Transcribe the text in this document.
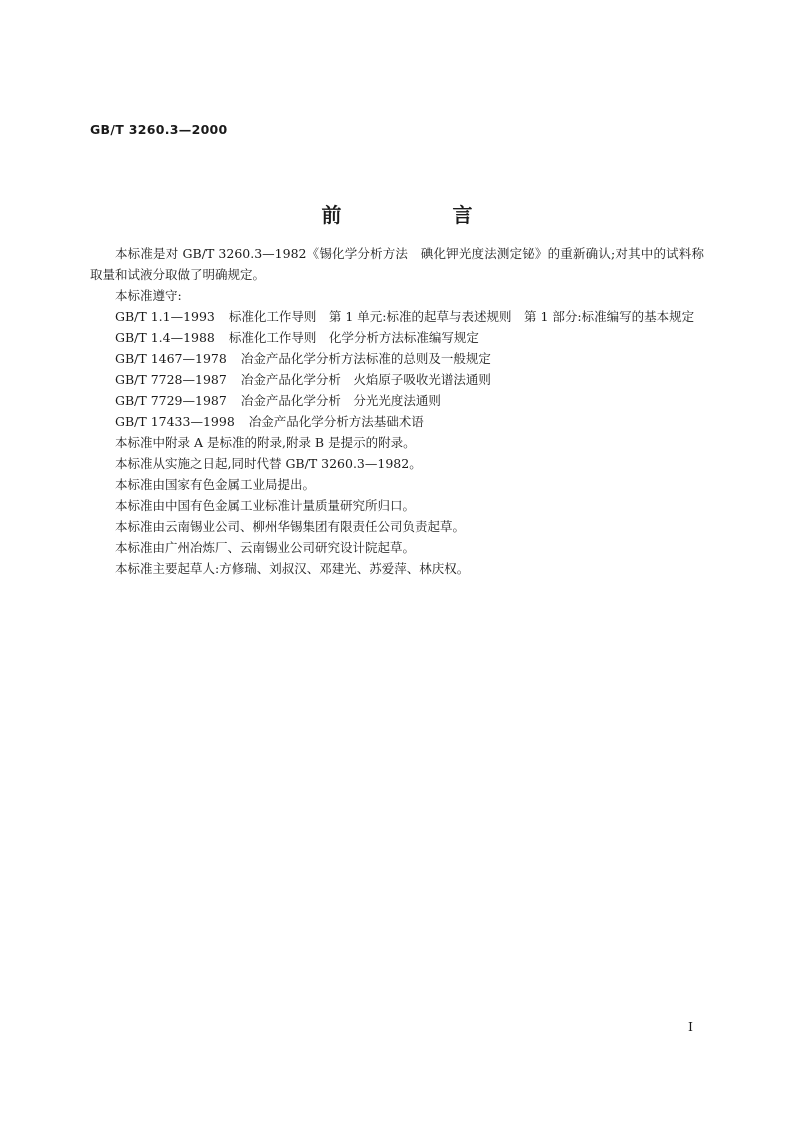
GB/T 3260.3—2000
前 言

本标准是对 GB/T 3260.3—1982《锡化学分析方法　碘化钾光度法测定铋》的重新确认;对其中的试料称取量和试液分取做了明确规定。

本标准遵守:

GB/T 1.1—1993	标准化工作导则　第 1 单元:标准的起草与表述规则　第 1 部分:标准编写的基本规定
GB/T 1.4—1988	标准化工作导则　化学分析方法标准编写规定
GB/T 1467—1978	冶金产品化学分析方法标准的总则及一般规定
GB/T 7728—1987	冶金产品化学分析　火焰原子吸收光谱法通则
GB/T 7729—1987	冶金产品化学分析　分光光度法通则
GB/T 17433—1998	冶金产品化学分析方法基础术语

本标准中附录 A 是标准的附录,附录 B 是提示的附录。

本标准从实施之日起,同时代替 GB/T 3260.3—1982。

本标准由国家有色金属工业局提出。

本标准由中国有色金属工业标准计量质量研究所归口。

本标准由云南锡业公司、柳州华锡集团有限责任公司负责起草。

本标准由广州冶炼厂、云南锡业公司研究设计院起草。

本标准主要起草人:方修瑞、刘叔汉、邓建光、苏爱萍、林庆权。

I
